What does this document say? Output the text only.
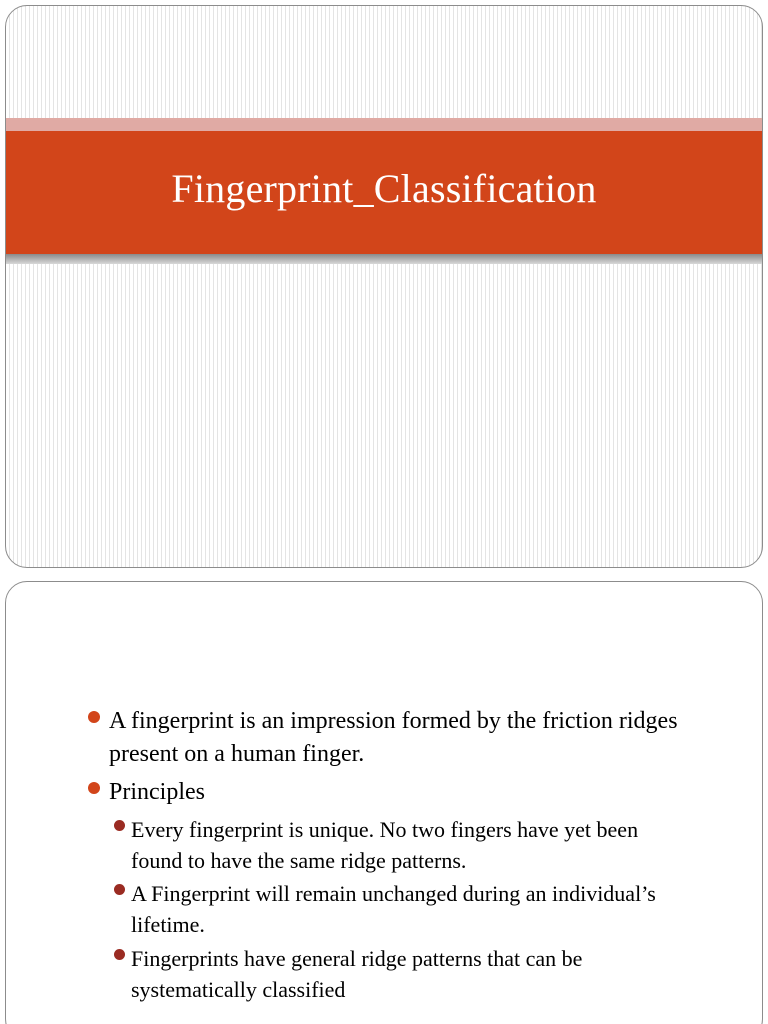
Fingerprint_Classification
A fingerprint is an impression formed by the friction ridges present on a human finger.
Principles
Every fingerprint is unique. No two fingers have yet been found to have the same ridge patterns.
A Fingerprint will remain unchanged during an individual’s lifetime.
Fingerprints have general ridge patterns that can be systematically classified
